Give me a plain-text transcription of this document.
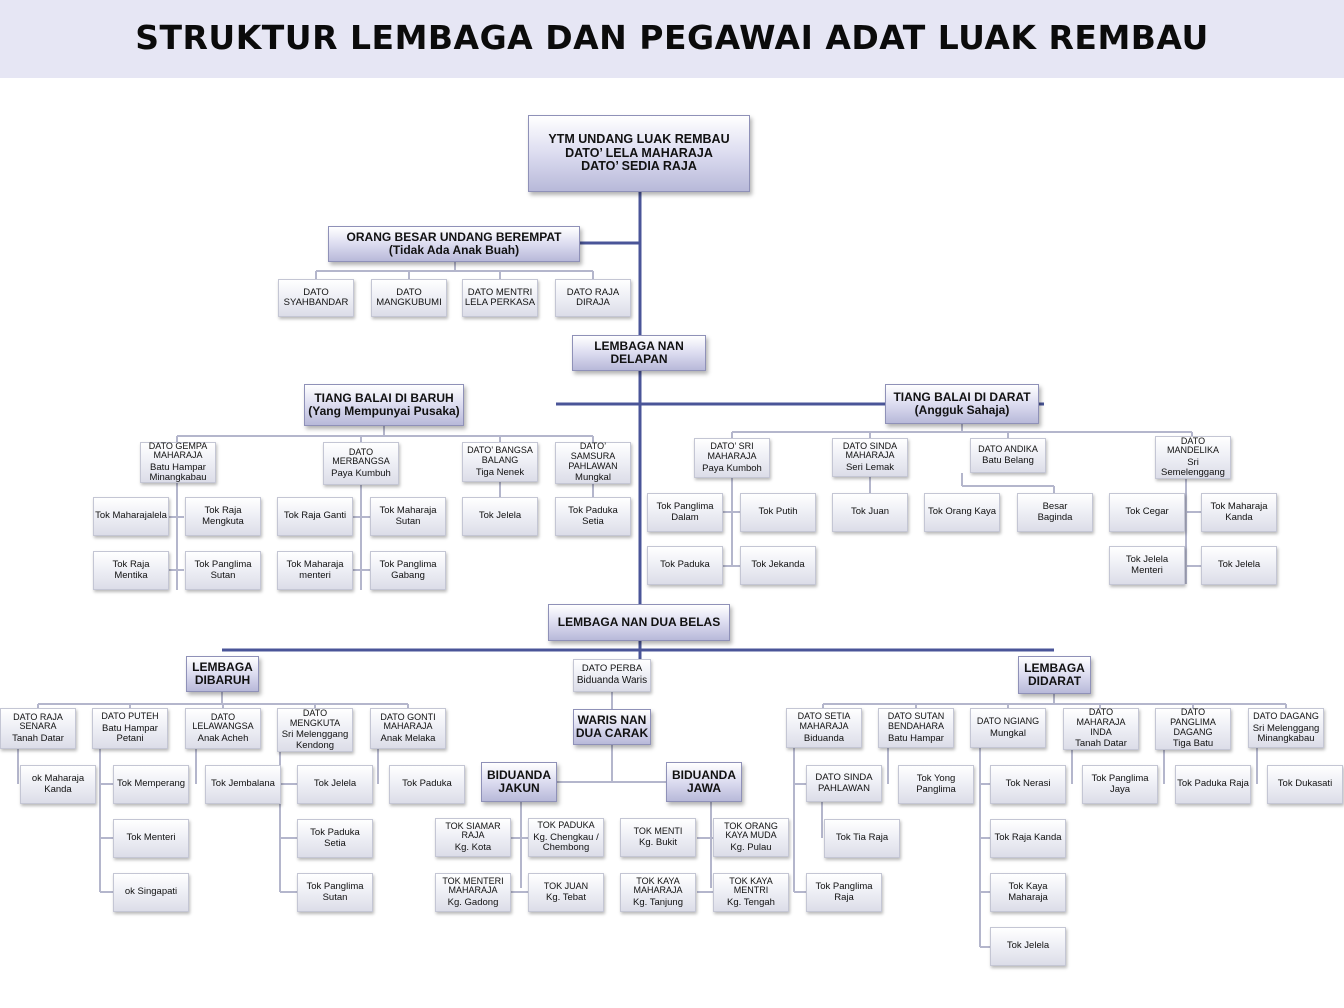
STRUKTUR LEMBAGA DAN PEGAWAI ADAT LUAK REMBAU
YTM UNDANG LUAK REMBAU
DATO’ LELA MAHARAJA
DATO’ SEDIA RAJA
ORANG BESAR UNDANG BEREMPAT
(Tidak Ada Anak Buah)
DATO
SYAHBANDAR
DATO
MANGKUBUMI
DATO MENTRI
LELA PERKASA
DATO RAJA
DIRAJA
LEMBAGA NAN
DELAPAN
TIANG BALAI DI BARUH
(Yang Mempunyai Pusaka)
TIANG BALAI DI DARAT
(Angguk Sahaja)
DATO GEMPA
MAHARAJA
Batu Hampar
Minangkabau
DATO
MERBANGSA
Paya Kumbuh
DATO’ BANGSA
BALANG
Tiga Nenek
DATO’
SAMSURA
PAHLAWAN
Mungkal
Tok Maharajalela	Tok Raja
Mengkuta
Tok Raja
Mentika
Tok Panglima
Sutan
Tok Raja Ganti	Tok Maharaja
Sutan
Tok Maharaja
menteri
Tok Panglima
Gabang
Tok Jelela	Tok Paduka
Setia
DATO’ SRI
MAHARAJA
Paya Kumboh
DATO SINDA
MAHARAJA
Seri Lemak
DATO ANDIKA
Batu Belang
DATO
MANDELIKA
Sri
Semelenggang
Tok Panglima
Dalam	Tok Putih
Tok Paduka	Tok Jekanda
Tok Juan	Tok Orang Kaya	Besar
Baginda	Tok Cegar	Tok Maharaja
Kanda
Tok Jelela
Menteri	Tok Jelela
LEMBAGA NAN DUA BELAS
LEMBAGA
DIBARUH
DATO PERBA
Biduanda Waris
LEMBAGA
DIDARAT
DATO RAJA
SENARA
Tanah Datar
DATO PUTEH
Batu Hampar
Petani
DATO
LELAWANGSA
Anak Acheh
DATO
MENGKUTA
Sri Melenggang
Kendong
DATO GONTI
MAHARAJA
Anak Melaka
ok Maharaja
Kanda	Tok Memperang
Tok Menteri
ok Singapati
Tok Jembalana	Tok Jelela
Tok Paduka
Setia
Tok Panglima
Sutan
Tok Paduka
WARIS NAN
DUA CARAK
BIDUANDA
JAKUN
BIDUANDA
JAWA
TOK SIAMAR
RAJA
Kg. Kota
TOK PADUKA
Kg. Chengkau /
Chembong
TOK MENTERI
MAHARAJA
Kg. Gadong
TOK JUAN
Kg. Tebat
TOK MENTI
Kg. Bukit
TOK ORANG
KAYA MUDA
Kg. Pulau
TOK KAYA
MAHARAJA
Kg. Tanjung
TOK KAYA
MENTRI
Kg. Tengah
DATO SETIA
MAHARAJA
Biduanda
DATO SUTAN
BENDAHARA
Batu Hampar
DATO NGIANG
Mungkal
DATO
MAHARAJA
INDA
Tanah Datar
DATO
PANGLIMA
DAGANG
Tiga Batu
DATO DAGANG
Sri Melenggang
Minangkabau
DATO SINDA
PAHLAWAN
Tok Tia Raja
Tok Panglima
Raja
Tok Yong
Panglima	Tok Nerasi
Tok Raja Kanda
Tok Kaya
Maharaja
Tok Jelela
Tok Panglima
Jaya	Tok Paduka Raja	Tok Dukasati
